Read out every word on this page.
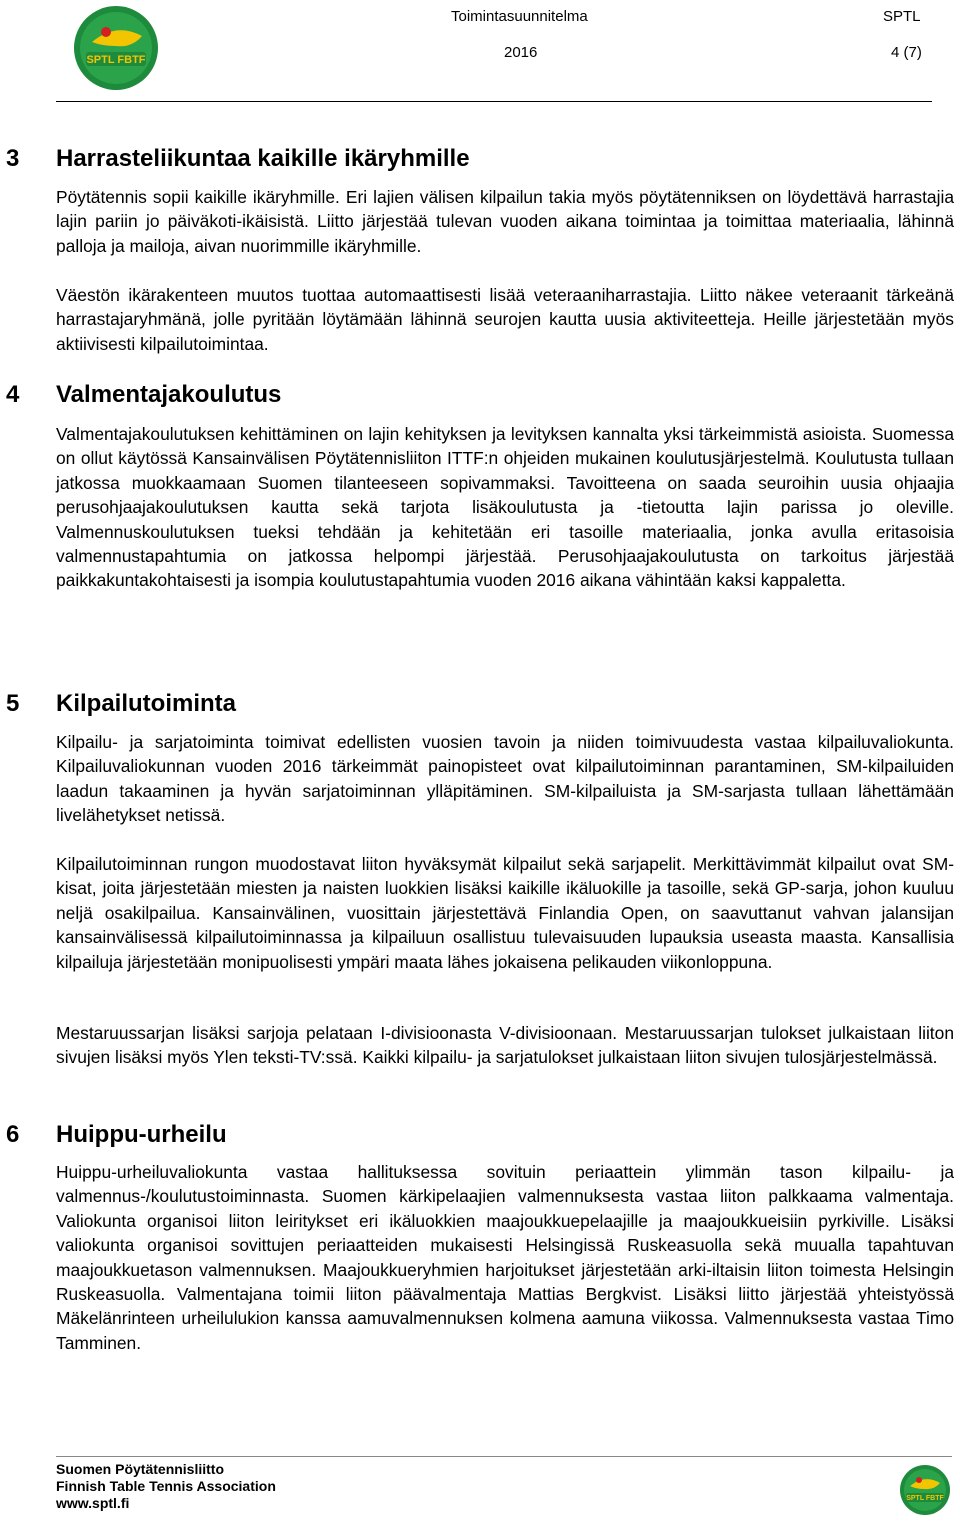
SPTL FBTF
Toimintasuunnitelma	SPTL
2016	4 (7)
3 Harrasteliikuntaa kaikille ikäryhmille

Pöytätennis sopii kaikille ikäryhmille. Eri lajien välisen kilpailun takia myös pöytätenniksen on löydettävä harrastajia lajin pariin jo päiväkoti-ikäisistä. Liitto järjestää tulevan vuoden aikana toimintaa ja toimittaa materiaalia, lähinnä palloja ja mailoja, aivan nuorimmille ikäryhmille.

Väestön ikärakenteen muutos tuottaa automaattisesti lisää veteraaniharrastajia. Liitto näkee veteraanit tärkeänä harrastajaryhmänä, jolle pyritään löytämään lähinnä seurojen kautta uusia aktiviteetteja. Heille järjestetään myös aktiivisesti kilpailutoimintaa.

4 Valmentajakoulutus

Valmentajakoulutuksen kehittäminen on lajin kehityksen ja levityksen kannalta yksi tärkeimmistä asioista. Suomessa on ollut käytössä Kansainvälisen Pöytätennisliiton ITTF:n ohjeiden mukainen koulutusjärjestelmä. Koulutusta tullaan jatkossa muokkaamaan Suomen tilanteeseen sopivammaksi. Tavoitteena on saada seuroihin uusia ohjaajia perusohjaajakoulutuksen kautta sekä tarjota lisäkoulutusta ja -tietoutta lajin parissa jo oleville. Valmennuskoulutuksen tueksi tehdään ja kehitetään eri tasoille materiaalia, jonka avulla eritasoisia valmennustapahtumia on jatkossa helpompi järjestää. Perusohjaajakoulutusta on tarkoitus järjestää paikkakuntakohtaisesti ja isompia koulutustapahtumia vuoden 2016 aikana vähintään kaksi kappaletta.

5 Kilpailutoiminta

Kilpailu- ja sarjatoiminta toimivat edellisten vuosien tavoin ja niiden toimivuudesta vastaa kilpailuvaliokunta. Kilpailuvaliokunnan vuoden 2016 tärkeimmät painopisteet ovat kilpailutoiminnan parantaminen, SM-kilpailuiden laadun takaaminen ja hyvän sarjatoiminnan ylläpitäminen. SM-kilpailuista ja SM-sarjasta tullaan lähettämään livelähetykset netissä.

Kilpailutoiminnan rungon muodostavat liiton hyväksymät kilpailut sekä sarjapelit. Merkittävimmät kilpailut ovat SM-kisat, joita järjestetään miesten ja naisten luokkien lisäksi kaikille ikäluokille ja tasoille, sekä GP-sarja, johon kuuluu neljä osakilpailua. Kansainvälinen, vuosittain järjestettävä Finlandia Open, on saavuttanut vahvan jalansijan kansainvälisessä kilpailutoiminnassa ja kilpailuun osallistuu tulevaisuuden lupauksia useasta maasta. Kansallisia kilpailuja järjestetään monipuolisesti ympäri maata lähes jokaisena pelikauden viikonloppuna.

Mestaruussarjan lisäksi sarjoja pelataan I-divisioonasta V-divisioonaan. Mestaruussarjan tulokset julkaistaan liiton sivujen lisäksi myös Ylen teksti-TV:ssä. Kaikki kilpailu- ja sarjatulokset julkaistaan liiton sivujen tulosjärjestelmässä.

6 Huippu-urheilu

Huippu-urheiluvaliokunta vastaa hallituksessa sovituin periaattein ylimmän tason kilpailu- ja valmennus-/koulutustoiminnasta. Suomen kärkipelaajien valmennuksesta vastaa liiton palkkaama valmentaja. Valiokunta organisoi liiton leiritykset eri ikäluokkien maajoukkuepelaajille ja maajoukkueisiin pyrkiville. Lisäksi valiokunta organisoi sovittujen periaatteiden mukaisesti Helsingissä Ruskeasuolla sekä muualla tapahtuvan maajoukkuetason valmennuksen. Maajoukkueryhmien harjoitukset järjestetään arki-iltaisin liiton toimesta Helsingin Ruskeasuolla. Valmentajana toimii liiton päävalmentaja Mattias Bergkvist. Lisäksi liitto järjestää yhteistyössä Mäkelänrinteen urheilulukion kanssa aamuvalmennuksen kolmena aamuna viikossa. Valmennuksesta vastaa Timo Tamminen.

Suomen Pöytätennisliitto
Finnish Table Tennis Association
www.sptl.fi	SPTL FBTF
